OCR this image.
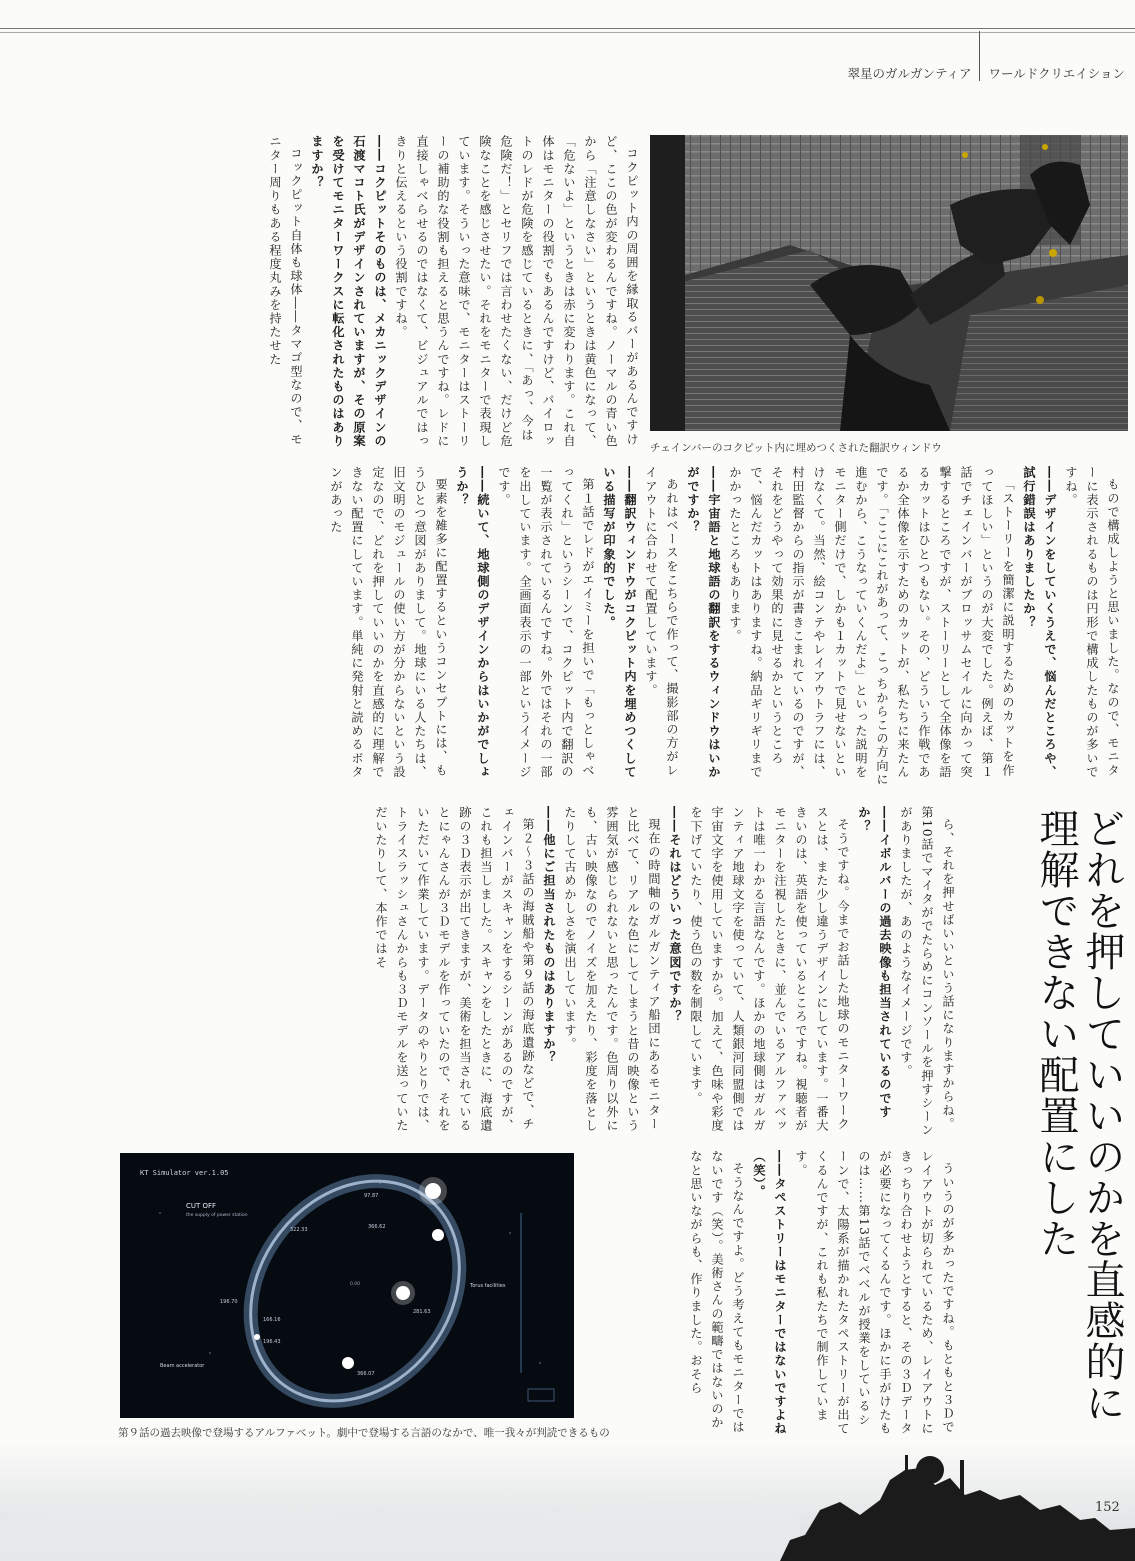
翠星のガルガンティア ワールドクリエイション
チェインバーのコクピット内に埋めつくされた翻訳ウィンドウ
KT Simulator ver.1.05
CUT OFF
the supply of power station
Torus facilities
Beam accelerator
97.87
366.62
322.33
196.70
166.16
196.43
281.63
366.07
0.00
第９話の過去映像で登場するアルファベット。劇中で登場する言語のなかで、唯一我々が判読できるもの

コクピット内の周囲を縁取るバーがあるんですけど、ここの色が変わるんですね。ノーマルの青い色から「注意しなさい」というときは黄色になって、「危ないよ」というときは赤に変わります。これ自体はモニターの役割でもあるんですけど、パイロットのレドが危険を感じているときに、「あっ、今は危険だ！」とセリフでは言わせたくない、だけど危険なことを感じさせたい。それをモニターで表現しています。そういった意味で、モニターはストーリーの補助的な役割も担えると思うんですね。レドに直接しゃべらせるのではなくて、ビジュアルではっきりと伝えるという役割ですね。

――コクピットそのものは、メカニックデザインの石渡マコト氏がデザインされていますが、その原案を受けてモニターワークスに転化されたものはありますか？

コックピット自体も球体――タマゴ型なので、モニター周りもある程度丸みを持たせた

もので構成しようと思いました。なので、モニターに表示されるものは円形で構成したものが多いですね。

――デザインをしていくうえで、悩んだところや、試行錯誤はありましたか？

「ストーリーを簡潔に説明するためのカットを作ってほしい」というのが大変でした。例えば、第１話でチェインバーがブロッサムセイルに向かって突撃するところですが、ストーリーとして全体像を語るカットはひとつもない。その、どういう作戦であるか全体像を示すためのカットが、私たちに来たんです。「ここにこれがあって、こっちからこの方向に進むから、こうなっていくんだよ」といった説明をモニター側だけで、しかも１カットで見せないといけなくて。当然、絵コンテやレイアウトラフには、村田監督からの指示が書きこまれているのですが、それをどうやって効果的に見せるかというところで、悩んだカットはありますね。納品ギリギリまでかかったところもあります。

――宇宙語と地球語の翻訳をするウィンドウはいかがですか？

あれはベースをこちらで作って、撮影部の方がレイアウトに合わせて配置しています。

――翻訳ウィンドウがコクピット内を埋めつくしている描写が印象的でした。

第１話でレドがエイミーを担いで「もっとしゃべってくれ」というシーンで、コクピット内で翻訳の一覧が表示されているんですね。外ではそれの一部を出しています。全画面表示の一部というイメージです。

――続いて、地球側のデザインからはいかがでしょうか？

要素を雑多に配置するというコンセプトには、もうひとつ意図がありまして。地球にいる人たちは、旧文明のモジュールの使い方が分からないという設定なので、どれを押していいのかを直感的に理解できない配置にしています。単純に発射と読めるボタンがあった

ら、それを押せばいいという話になりますからね。第10話でマイタがでたらめにコンソールを押すシーンがありましたが、あのようなイメージです。

――イボルバーの過去映像も担当されているのですか？

そうですね。今までお話した地球のモニターワークスとは、また少し違うデザインにしています。一番大きいのは、英語を使っているところですね。視聴者がモニターを注視したときに、並んでいるアルファベットは唯一わかる言語なんです。ほかの地球側はガルガンティア地球文字を使っていて、人類銀河同盟側では宇宙文字を使用していますから。加えて、色味や彩度を下げていたり、使う色の数を制限しています。

――それはどういった意図ですか？

現在の時間軸のガルガンティア船団にあるモニターと比べて、リアルな色にしてしまうと昔の映像という雰囲気が感じられないと思ったんです。色周り以外にも、古い映像なのでノイズを加えたり、彩度を落としたりして古めかしさを演出しています。

――他にご担当されたものはありますか？

第２～３話の海賊船や第９話の海底遺跡などで、チェインバーがスキャンをするシーンがあるのですが、これも担当しました。スキャンをしたときに、海底遺跡の３Ｄ表示が出てきますが、美術を担当されているとにゃんさんが３Ｄモデルを作っていたので、それをいただいて作業しています。データのやりとりでは、トライスラッシュさんからも３Ｄモデルを送っていただいたりして、本作ではそ

ういうのが多かったですね。もともと３Ｄでレイアウトが切られているため、レイアウトにきっちり合わせようとすると、その３Ｄデータが必要になってくるんです。ほかに手がけたものは……第13話でベベルが授業をしているシーンで、太陽系が描かれたタペストリーが出てくるんですが、これも私たちで制作しています。

――タペストリーはモニターではないですよね（笑）。

そうなんですよ。どう考えてもモニターではないです（笑）。美術さんの範疇ではないのかなと思いながらも、作りました。おそら	どれを押していいのかを直感的に理解できない配置にした
152
